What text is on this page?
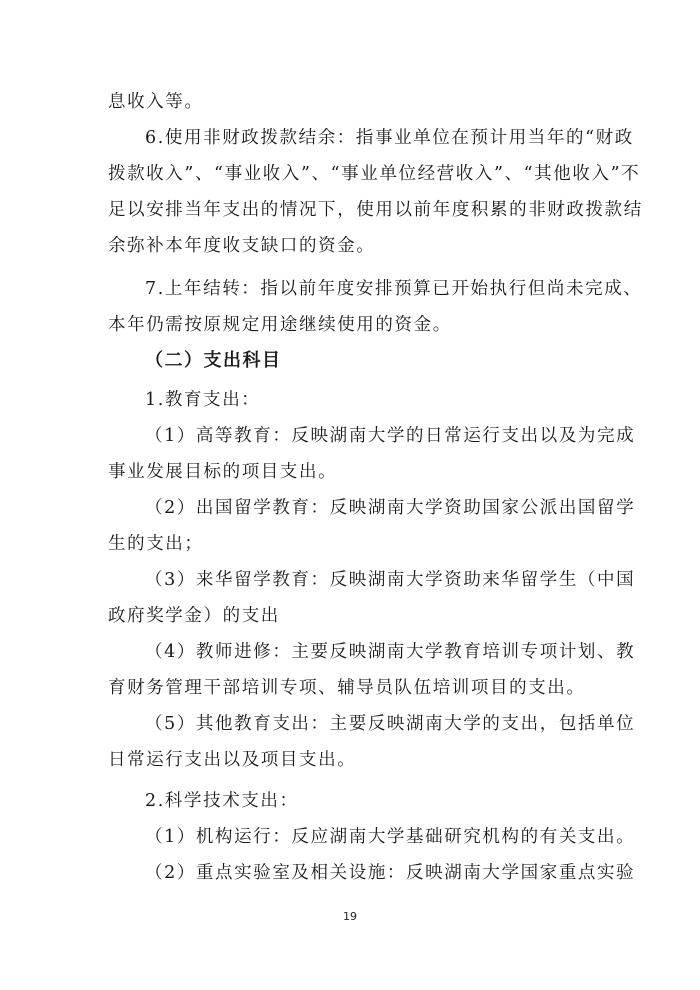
息收入等。
6.使用非财政拨款结余：指事业单位在预计用当年的“财政
拨款收入”、“事业收入”、“事业单位经营收入”、“其他收入”不
足以安排当年支出的情况下，使用以前年度积累的非财政拨款结
余弥补本年度收支缺口的资金。
7.上年结转：指以前年度安排预算已开始执行但尚未完成、
本年仍需按原规定用途继续使用的资金。
（二）支出科目
1.教育支出：
（1）高等教育：反映湖南大学的日常运行支出以及为完成
事业发展目标的项目支出。
（2）出国留学教育：反映湖南大学资助国家公派出国留学
生的支出；
（3）来华留学教育：反映湖南大学资助来华留学生（中国
政府奖学金）的支出
（4）教师进修：主要反映湖南大学教育培训专项计划、教
育财务管理干部培训专项、辅导员队伍培训项目的支出。
（5）其他教育支出：主要反映湖南大学的支出，包括单位
日常运行支出以及项目支出。
2.科学技术支出：
（1）机构运行：反应湖南大学基础研究机构的有关支出。
（2）重点实验室及相关设施：反映湖南大学国家重点实验
19
